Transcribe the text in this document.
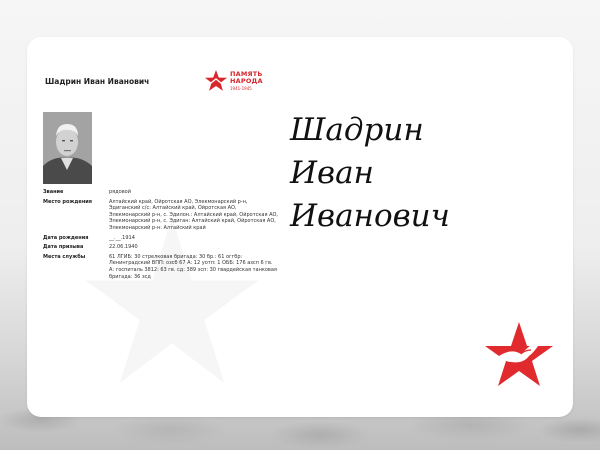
Шадрин Иван Иванович
ПАМЯТЬ
НАРОДА
1941-1945
Звание	рядовой
Место рождения	Алтайский край, Ойротская АО, Элекмонарский р-н, Эдиганский с/с: Алтайский край, Ойротская АО, Элекмонарский р-н, с. Эдилон.: Алтайский край, Ойротская АО, Элекмонарский р-н, с. Эдиган: Алтайский край, Ойротская АО, Элекмонарский р-н: Алтайский край
Дата рождения	__.__.1914
Дата призыва	22.06.1940
Места службы	61 ЛГИБ: 30 стрелковая бригада: 30 бр.: 61 оггбр: Ленинградский ВПП: озсб 67 А: 12 уотп: 1 ОББ: 176 азсп 6 гв. А: госпиталь 3812: 63 гв. сд: 389 зсп: 30 гвардейская танковая бригада: 36 зсд
Шадрин
Иван
Иванович
